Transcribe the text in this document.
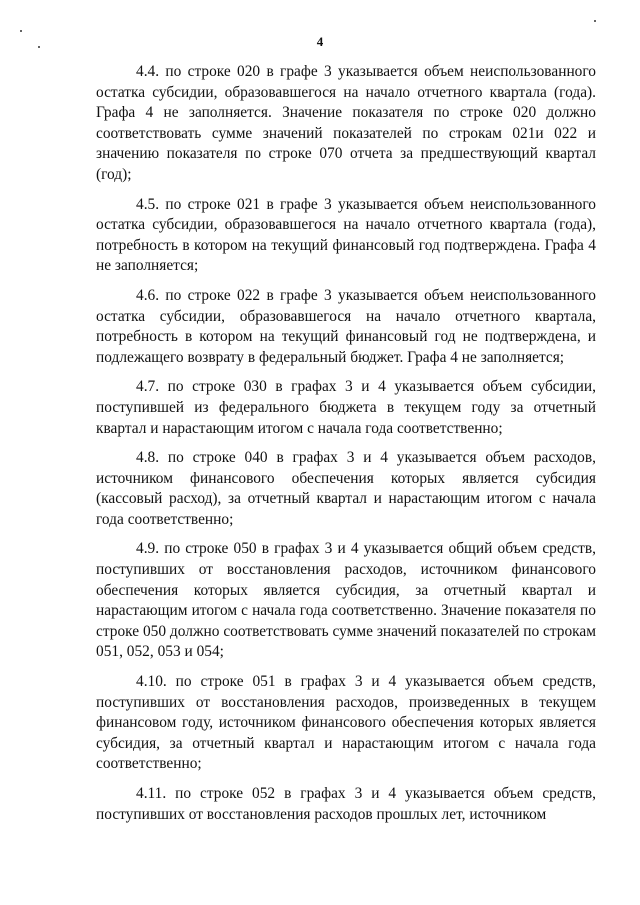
4

4.4. по строке 020 в графе 3 указывается объем неиспользованного остатка субсидии, образовавшегося на начало отчетного квартала (года). Графа 4 не заполняется. Значение показателя по строке 020 должно соответствовать сумме значений показателей по строкам 021и 022 и значению показателя по строке 070 отчета за предшествующий квартал (год);

4.5. по строке 021 в графе 3 указывается объем неиспользованного остатка субсидии, образовавшегося на начало отчетного квартала (года), потребность в котором на текущий финансовый год подтверждена. Графа 4 не заполняется;

4.6. по строке 022 в графе 3 указывается объем неиспользованного остатка субсидии, образовавшегося на начало отчетного квартала, потребность в котором на текущий финансовый год не подтверждена, и подлежащего возврату в федеральный бюджет. Графа 4 не заполняется;

4.7. по строке 030 в графах 3 и 4 указывается объем субсидии, поступившей из федерального бюджета в текущем году за отчетный квартал и нарастающим итогом с начала года соответственно;

4.8. по строке 040 в графах 3 и 4 указывается объем расходов, источником финансового обеспечения которых является субсидия (кассовый расход), за отчетный квартал и нарастающим итогом с начала года соответственно;

4.9. по строке 050 в графах 3 и 4 указывается общий объем средств, поступивших от восстановления расходов, источником финансового обеспечения которых является субсидия, за отчетный квартал и нарастающим итогом с начала года соответственно. Значение показателя по строке 050 должно соответствовать сумме значений показателей по строкам 051, 052, 053 и 054;

4.10. по строке 051 в графах 3 и 4 указывается объем средств, поступивших от восстановления расходов, произведенных в текущем финансовом году, источником финансового обеспечения которых является субсидия, за отчетный квартал и нарастающим итогом с начала года соответственно;

4.11. по строке 052 в графах 3 и 4 указывается объем средств, поступивших от восстановления расходов прошлых лет, источником
